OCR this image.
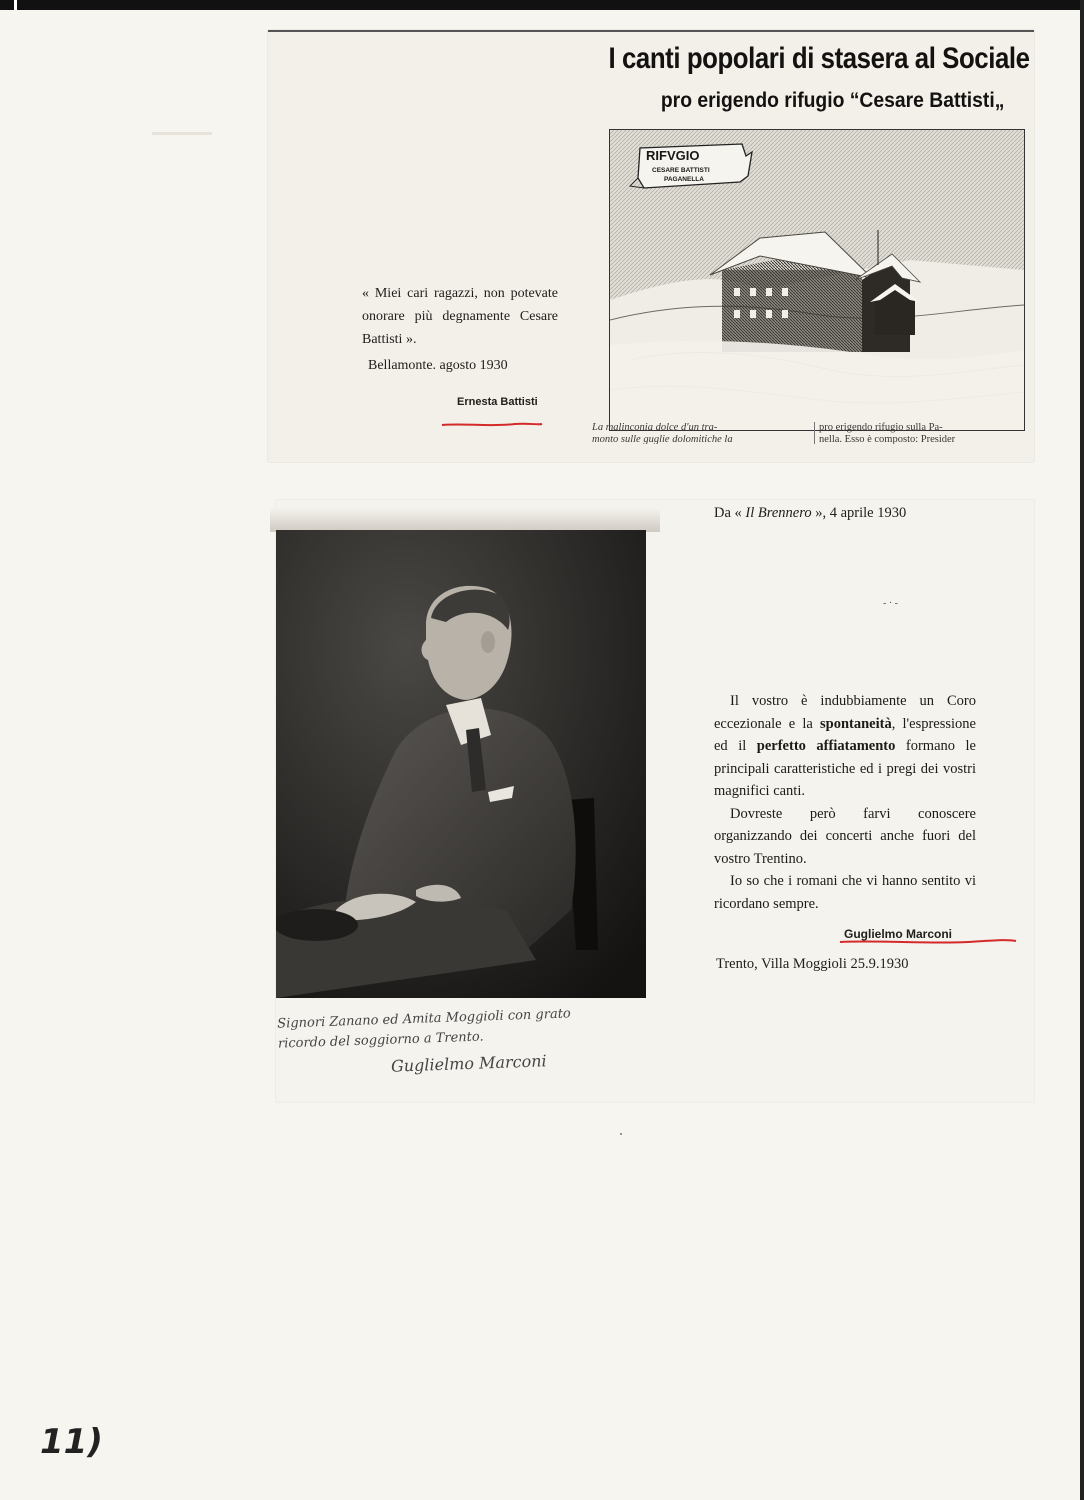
I canti popolari di stasera al Sociale
pro erigendo rifugio “Cesare Battisti„
RIFVGIO
CESARE BATTISTI
PAGANELLA
La malinconia dolce d'un tra-
monto sulle guglie dolomitiche la
pro erigendo rifugio sulla Pa-
nella. Esso è composto: Presider
« Miei cari ragazzi, non potevate onorare più degnamente Cesare Battisti ».
Bellamonte. agosto 1930
Ernesta Battisti
Signori Zanano ed Amita Moggioli con grato
ricordo del soggiorno a Trento.
Guglielmo Marconi
Da « Il Brennero », 4 aprile 1930
- · -

Il vostro è indubbiamente un Coro eccezionale e la spontaneità, l'espressione ed il perfetto affiatamento formano le principali caratteristiche ed i pregi dei vostri magnifici canti.

Dovreste però farvi conoscere organizzando dei concerti anche fuori del vostro Trentino.

Io so che i romani che vi hanno sentito vi ricordano sempre.

Guglielmo Marconi
Trento, Villa Moggioli 25.9.1930
11)
